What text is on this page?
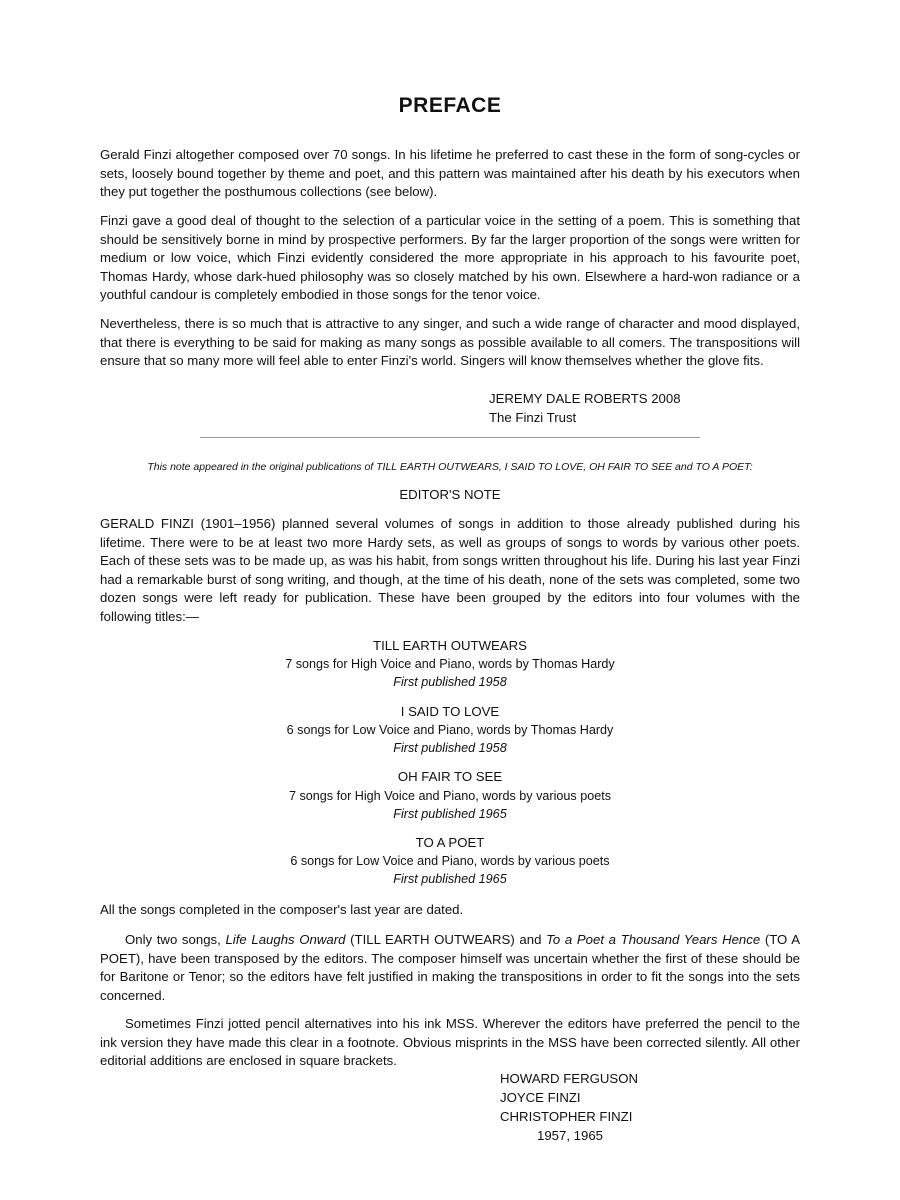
PREFACE

Gerald Finzi altogether composed over 70 songs. In his lifetime he preferred to cast these in the form of song-cycles or sets, loosely bound together by theme and poet, and this pattern was maintained after his death by his executors when they put together the posthumous collections (see below).

Finzi gave a good deal of thought to the selection of a particular voice in the setting of a poem. This is something that should be sensitively borne in mind by prospective performers. By far the larger proportion of the songs were written for medium or low voice, which Finzi evidently considered the more appropriate in his approach to his favourite poet, Thomas Hardy, whose dark-hued philosophy was so closely matched by his own. Elsewhere a hard-won radiance or a youthful candour is completely embodied in those songs for the tenor voice.

Nevertheless, there is so much that is attractive to any singer, and such a wide range of character and mood displayed, that there is everything to be said for making as many songs as possible available to all comers. The transpositions will ensure that so many more will feel able to enter Finzi's world. Singers will know themselves whether the glove fits.

JEREMY DALE ROBERTS 2008

The Finzi Trust

This note appeared in the original publications of TILL EARTH OUTWEARS, I SAID TO LOVE, OH FAIR TO SEE and TO A POET:
EDITOR'S NOTE

GERALD FINZI (1901–1956) planned several volumes of songs in addition to those already published during his lifetime. There were to be at least two more Hardy sets, as well as groups of songs to words by various other poets. Each of these sets was to be made up, as was his habit, from songs written throughout his life. During his last year Finzi had a remarkable burst of song writing, and though, at the time of his death, none of the sets was completed, some two dozen songs were left ready for publication. These have been grouped by the editors into four volumes with the following titles:—

TILL EARTH OUTWEARS
7 songs for High Voice and Piano, words by Thomas Hardy
First published 1958
I SAID TO LOVE
6 songs for Low Voice and Piano, words by Thomas Hardy
First published 1958
OH FAIR TO SEE
7 songs for High Voice and Piano, words by various poets
First published 1965
TO A POET
6 songs for Low Voice and Piano, words by various poets
First published 1965

All the songs completed in the composer's last year are dated.

Only two songs, Life Laughs Onward (TILL EARTH OUTWEARS) and To a Poet a Thousand Years Hence (TO A POET), have been transposed by the editors. The composer himself was uncertain whether the first of these should be for Baritone or Tenor; so the editors have felt justified in making the transpositions in order to fit the songs into the sets concerned.

Sometimes Finzi jotted pencil alternatives into his ink MSS. Wherever the editors have preferred the pencil to the ink version they have made this clear in a footnote. Obvious misprints in the MSS have been corrected silently. All other editorial additions are enclosed in square brackets.

HOWARD FERGUSON

JOYCE FINZI

CHRISTOPHER FINZI

1957, 1965
